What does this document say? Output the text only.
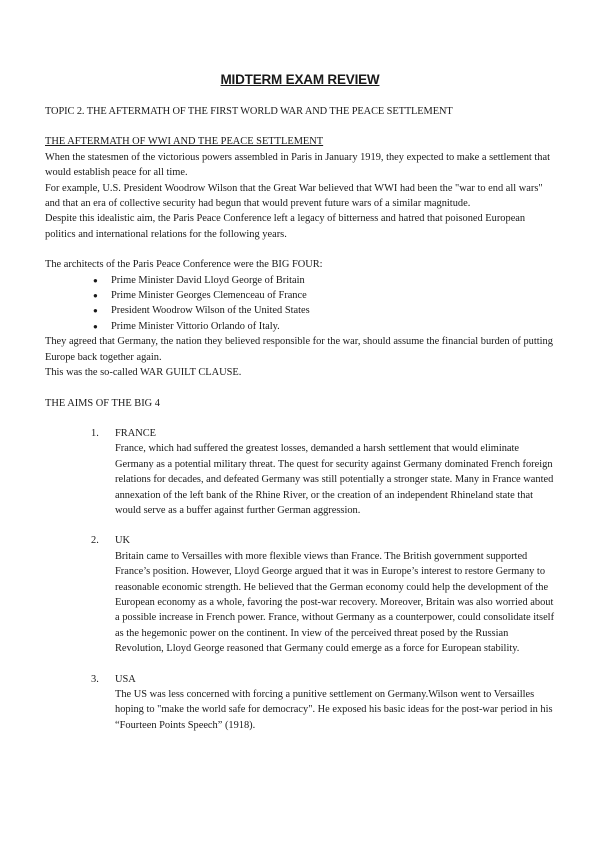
MIDTERM EXAM REVIEW

TOPIC 2. THE AFTERMATH OF THE FIRST WORLD WAR AND THE PEACE SETTLEMENT

THE AFTERMATH OF WWI AND THE PEACE SETTLEMENT

When the statesmen of the victorious powers assembled in Paris in January 1919, they expected to make a settlement that would establish peace for all time.

For example, U.S. President Woodrow Wilson that the Great War believed that WWI had been the "war to end all wars" and that an era of collective security had begun that would prevent future wars of a similar magnitude.

Despite this idealistic aim, the Paris Peace Conference left a legacy of bitterness and hatred that poisoned European politics and international relations for the following years.

The architects of the Paris Peace Conference were the BIG FOUR:

● Prime Minister David Lloyd George of Britain
● Prime Minister Georges Clemenceau of France
● President Woodrow Wilson of the United States
● Prime Minister Vittorio Orlando of Italy.

They agreed that Germany, the nation they believed responsible for the war, should assume the financial burden of putting Europe back together again.

This was the so-called WAR GUILT CLAUSE.

THE AIMS OF THE BIG 4

1. FRANCE

France, which had suffered the greatest losses, demanded a harsh settlement that would eliminate Germany as a potential military threat. The quest for security against Germany dominated French foreign relations for decades, and defeated Germany was still potentially a stronger state. Many in France wanted annexation of the left bank of the Rhine River, or the creation of an independent Rhineland state that would serve as a buffer against further German aggression.

2. UK

Britain came to Versailles with more flexible views than France. The British government supported France’s position. However, Lloyd George argued that it was in Europe’s interest to restore Germany to reasonable economic strength. He believed that the German economy could help the development of the European economy as a whole, favoring the post-war recovery. Moreover, Britain was also worried about a possible increase in French power. France, without Germany as a counterpower, could consolidate itself as the hegemonic power on the continent. In view of the perceived threat posed by the Russian Revolution, Lloyd George reasoned that Germany could emerge as a force for European stability.

3. USA

The US was less concerned with forcing a punitive settlement on Germany.Wilson went to Versailles hoping to "make the world safe for democracy". He exposed his basic ideas for the post-war period in his “Fourteen Points Speech” (1918).
